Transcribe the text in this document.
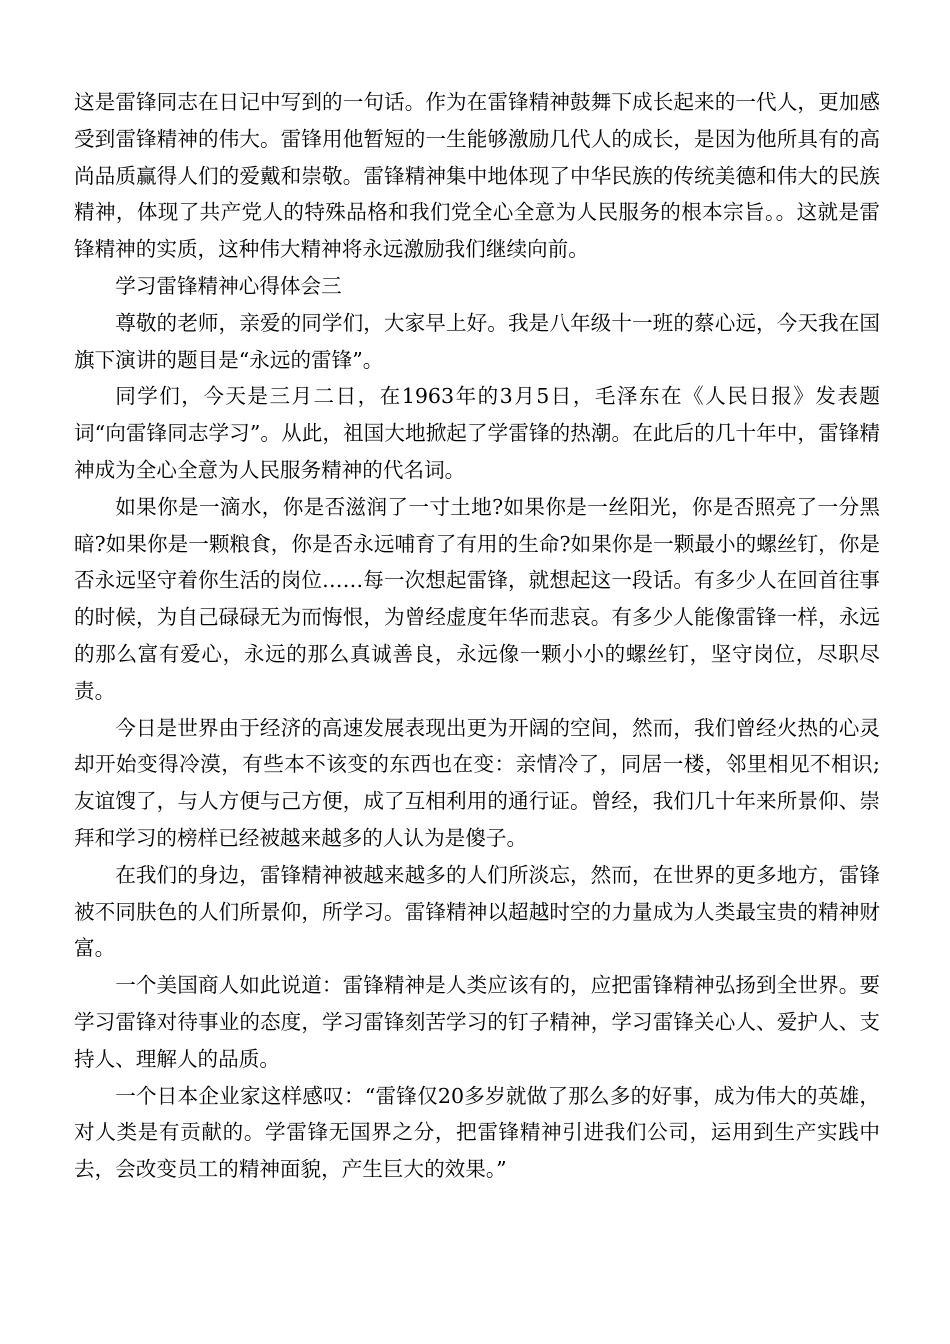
这是雷锋同志在日记中写到的一句话。作为在雷锋精神鼓舞下成长起来的一代人，更加感受到雷锋精神的伟大。雷锋用他暂短的一生能够激励几代人的成长，是因为他所具有的高尚品质赢得人们的爱戴和崇敬。雷锋精神集中地体现了中华民族的传统美德和伟大的民族精神，体现了共产党人的特殊品格和我们党全心全意为人民服务的根本宗旨。。这就是雷锋精神的实质，这种伟大精神将永远激励我们继续向前。

学习雷锋精神心得体会三

尊敬的老师，亲爱的同学们，大家早上好。我是八年级十一班的蔡心远，今天我在国旗下演讲的题目是“永远的雷锋”。

同学们，今天是三月二日，在1963年的3月5日，毛泽东在《人民日报》发表题词“向雷锋同志学习”。从此，祖国大地掀起了学雷锋的热潮。在此后的几十年中，雷锋精神成为全心全意为人民服务精神的代名词。

如果你是一滴水，你是否滋润了一寸土地?如果你是一丝阳光，你是否照亮了一分黑暗?如果你是一颗粮食，你是否永远哺育了有用的生命?如果你是一颗最小的螺丝钉，你是否永远坚守着你生活的岗位……每一次想起雷锋，就想起这一段话。有多少人在回首往事的时候，为自己碌碌无为而悔恨，为曾经虚度年华而悲哀。有多少人能像雷锋一样，永远的那么富有爱心，永远的那么真诚善良，永远像一颗小小的螺丝钉，坚守岗位，尽职尽责。

今日是世界由于经济的高速发展表现出更为开阔的空间，然而，我们曾经火热的心灵却开始变得冷漠，有些本不该变的东西也在变：亲情冷了，同居一楼，邻里相见不相识;友谊馊了，与人方便与己方便，成了互相利用的通行证。曾经，我们几十年来所景仰、崇拜和学习的榜样已经被越来越多的人认为是傻子。

在我们的身边，雷锋精神被越来越多的人们所淡忘，然而，在世界的更多地方，雷锋被不同肤色的人们所景仰，所学习。雷锋精神以超越时空的力量成为人类最宝贵的精神财富。

一个美国商人如此说道：雷锋精神是人类应该有的，应把雷锋精神弘扬到全世界。要学习雷锋对待事业的态度，学习雷锋刻苦学习的钉子精神，学习雷锋关心人、爱护人、支持人、理解人的品质。

一个日本企业家这样感叹：“雷锋仅20多岁就做了那么多的好事，成为伟大的英雄，对人类是有贡献的。学雷锋无国界之分，把雷锋精神引进我们公司，运用到生产实践中去，会改变员工的精神面貌，产生巨大的效果。”
